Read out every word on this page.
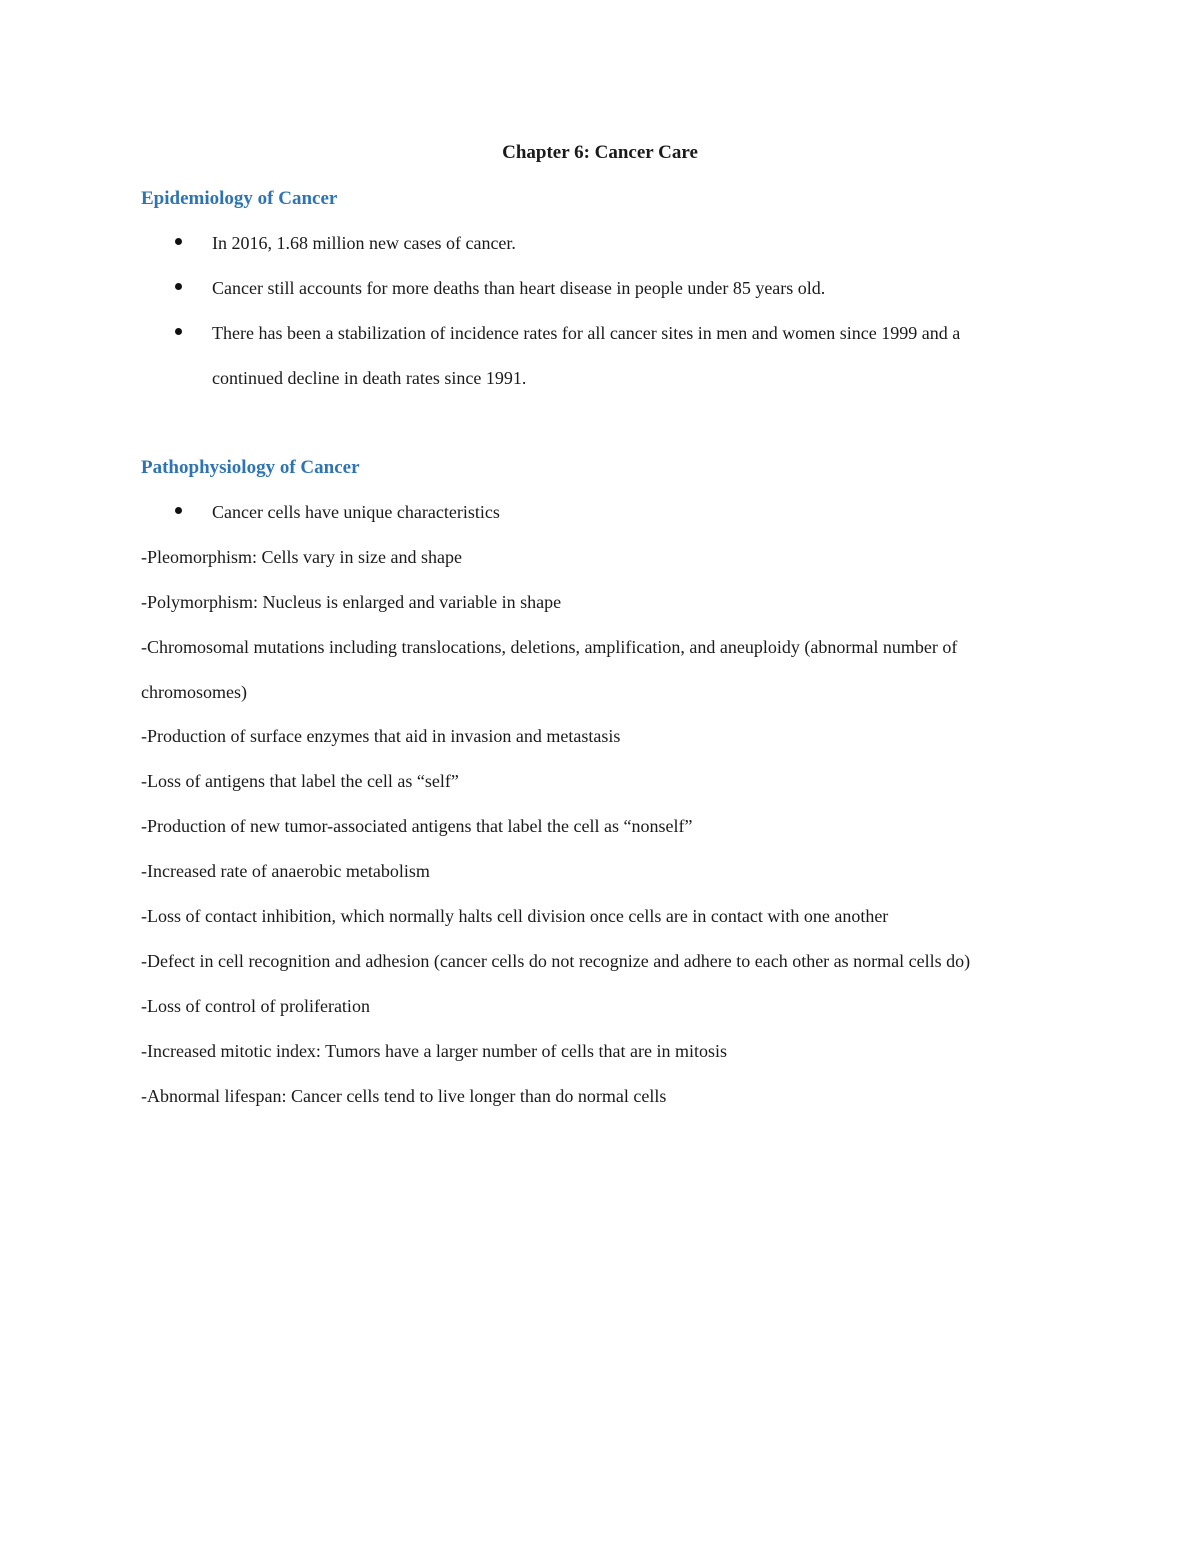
Chapter 6: Cancer Care
Epidemiology of Cancer
In 2016, 1.68 million new cases of cancer.
Cancer still accounts for more deaths than heart disease in people under 85 years old.
There has been a stabilization of incidence rates for all cancer sites in men and women since 1999 and a
continued decline in death rates since 1991.
Pathophysiology of Cancer
Cancer cells have unique characteristics
-Pleomorphism: Cells vary in size and shape
-Polymorphism: Nucleus is enlarged and variable in shape
-Chromosomal mutations including translocations, deletions, amplification, and aneuploidy (abnormal number of
chromosomes)
-Production of surface enzymes that aid in invasion and metastasis
-Loss of antigens that label the cell as “self”
-Production of new tumor-associated antigens that label the cell as “nonself”
-Increased rate of anaerobic metabolism
-Loss of contact inhibition, which normally halts cell division once cells are in contact with one another
-Defect in cell recognition and adhesion (cancer cells do not recognize and adhere to each other as normal cells do)
-Loss of control of proliferation
-Increased mitotic index: Tumors have a larger number of cells that are in mitosis
-Abnormal lifespan: Cancer cells tend to live longer than do normal cells
